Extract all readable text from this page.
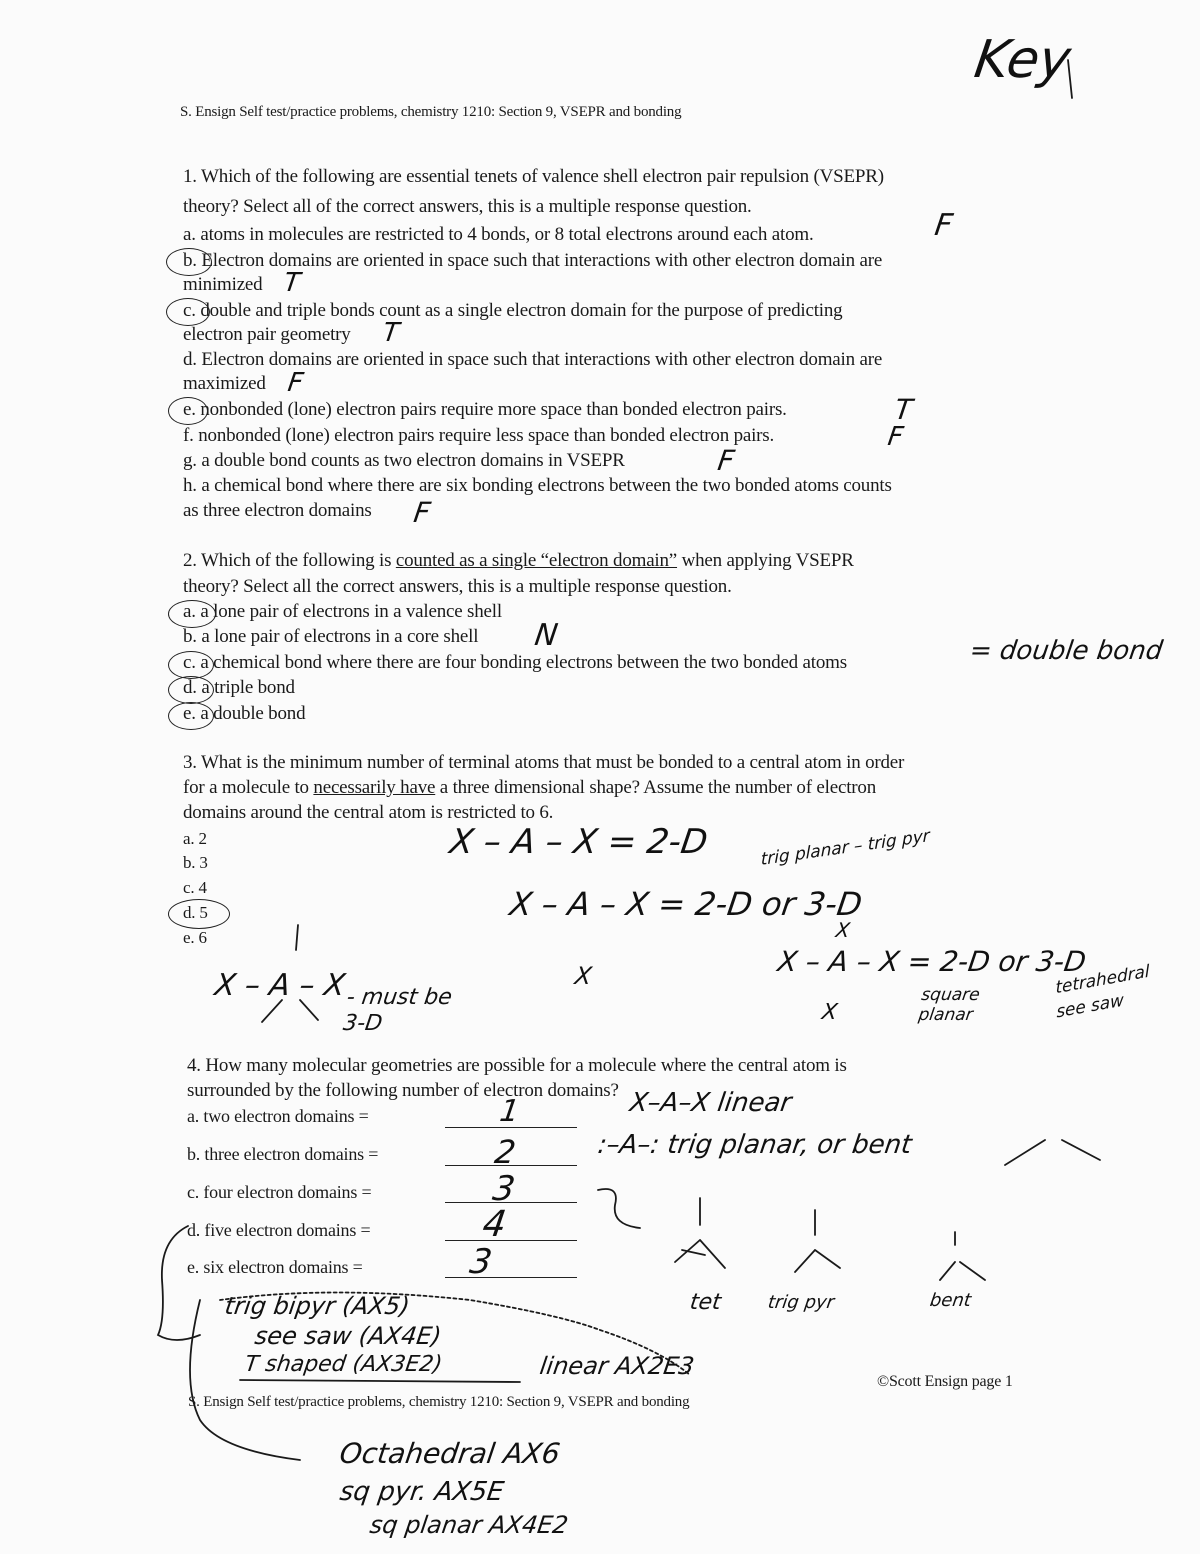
Key
S. Ensign Self test/practice problems, chemistry 1210: Section 9, VSEPR and bonding
1. Which of the following are essential tenets of valence shell electron pair repulsion (VSEPR)
theory? Select all of the correct answers, this is a multiple response question.
a. atoms in molecules are restricted to 4 bonds, or 8 total electrons around each atom.
b. Electron domains are oriented in space such that interactions with other electron domain are
minimized
c. double and triple bonds count as a single electron domain for the purpose of predicting
electron pair geometry
d. Electron domains are oriented in space such that interactions with other electron domain are
maximized
e. nonbonded (lone) electron pairs require more space than bonded electron pairs.
f. nonbonded (lone) electron pairs require less space than bonded electron pairs.
g. a double bond counts as two electron domains in VSEPR
h. a chemical bond where there are six bonding electrons between the two bonded atoms counts
as three electron domains
F
T
T
F
T
F
F
F
2. Which of the following is counted as a single “electron domain” when applying VSEPR
theory? Select all the correct answers, this is a multiple response question.
a. a lone pair of electrons in a valence shell
b. a lone pair of electrons in a core shell
c. a chemical bond where there are four bonding electrons between the two bonded atoms
d. a triple bond
e. a double bond
N	= double bond
3. What is the minimum number of terminal atoms that must be bonded to a central atom in order
for a molecule to necessarily have a three dimensional shape? Assume the number of electron
domains around the central atom is restricted to 6.
a. 2
b. 3
c. 4
d. 5
e. 6
X – A – X = 2-D	trig planar – trig pyr
X – A – X = 2-D or 3-D
X
X
X – A – X = 2-D or 3-D
X
square planar
tetrahedral see saw
X – A – X
- must be 3-D
4. How many molecular geometries are possible for a molecule where the central atom is
surrounded by the following number of electron domains?
a. two electron domains =	1
b. three electron domains =	2
c. four electron domains =	3
d. five electron domains =	4
e. six electron domains =	3
X–A–X linear
:–A–: trig planar, or bent
tet trig pyr	bent
trig bipyr (AX5)
see saw (AX4E)
T shaped (AX3E2)	linear AX2E3
Octahedral AX6
sq pyr. AX5E
sq planar AX4E2
©Scott Ensign page 1
S. Ensign Self test/practice problems, chemistry 1210: Section 9, VSEPR and bonding
